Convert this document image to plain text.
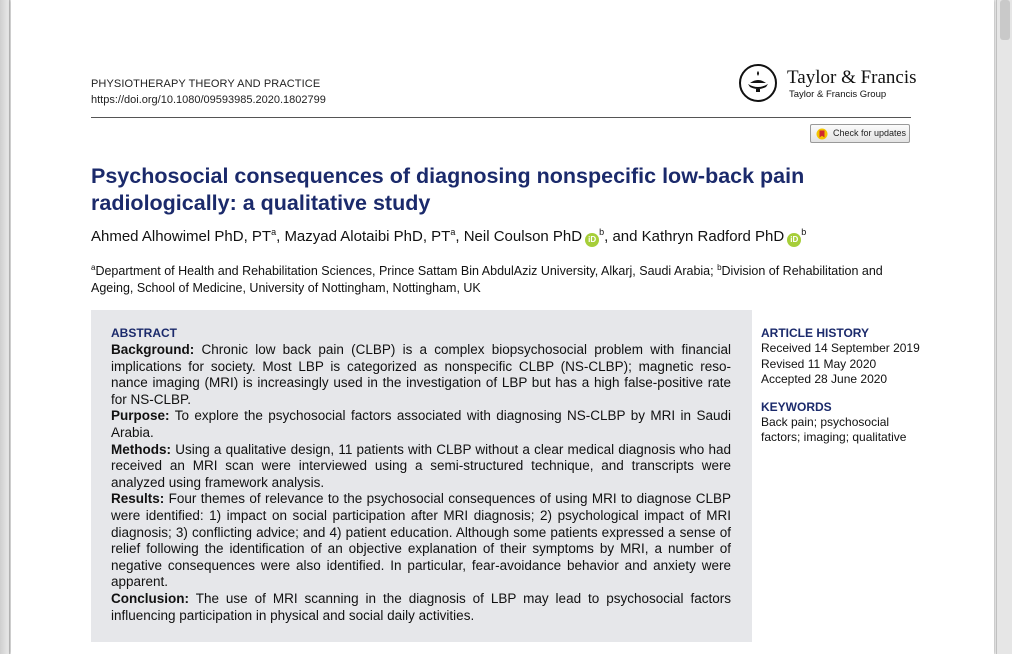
PHYSIOTHERAPY THEORY AND PRACTICE
https://doi.org/10.1080/09593985.2020.1802799
Taylor & Francis
Taylor & Francis Group
Check for updates
Psychosocial consequences of diagnosing nonspecific low-back pain radiologically: a qualitative study
Ahmed Alhowimel PhD, $PT^a$, Mazyad Alotaibi PhD, $PT^a$, Neil Coulson PhD $iD^b$, and Kathryn Radford PhD $iD^b$
$^a$Department of Health and Rehabilitation Sciences, Prince Sattam Bin AbdulAziz University, Alkarj, Saudi Arabia; $^b$Division of Rehabilitation and Ageing, School of Medicine, University of Nottingham, Nottingham, UK
ABSTRACT

Background: Chronic low back pain (CLBP) is a complex biopsychosocial problem with financial implications for society. Most LBP is categorized as nonspecific CLBP (NS-CLBP); magnetic reso-nance imaging (MRI) is increasingly used in the investigation of LBP but has a high false-positive rate for NS-CLBP.

Purpose: To explore the psychosocial factors associated with diagnosing NS-CLBP by MRI in Saudi Arabia.

Methods: Using a qualitative design, 11 patients with CLBP without a clear medical diagnosis who had received an MRI scan were interviewed using a semi-structured technique, and transcripts were analyzed using framework analysis.

Results: Four themes of relevance to the psychosocial consequences of using MRI to diagnose CLBP were identified: 1) impact on social participation after MRI diagnosis; 2) psychological impact of MRI diagnosis; 3) conflicting advice; and 4) patient education. Although some patients expressed a sense of relief following the identification of an objective explanation of their symptoms by MRI, a number of negative consequences were also identified. In particular, fear-avoidance behavior and anxiety were apparent.

Conclusion: The use of MRI scanning in the diagnosis of LBP may lead to psychosocial factors influencing participation in physical and social daily activities.

ARTICLE HISTORY

Received 14 September 2019

Revised 11 May 2020

Accepted 28 June 2020

KEYWORDS

Back pain; psychosocial

factors; imaging; qualitative
